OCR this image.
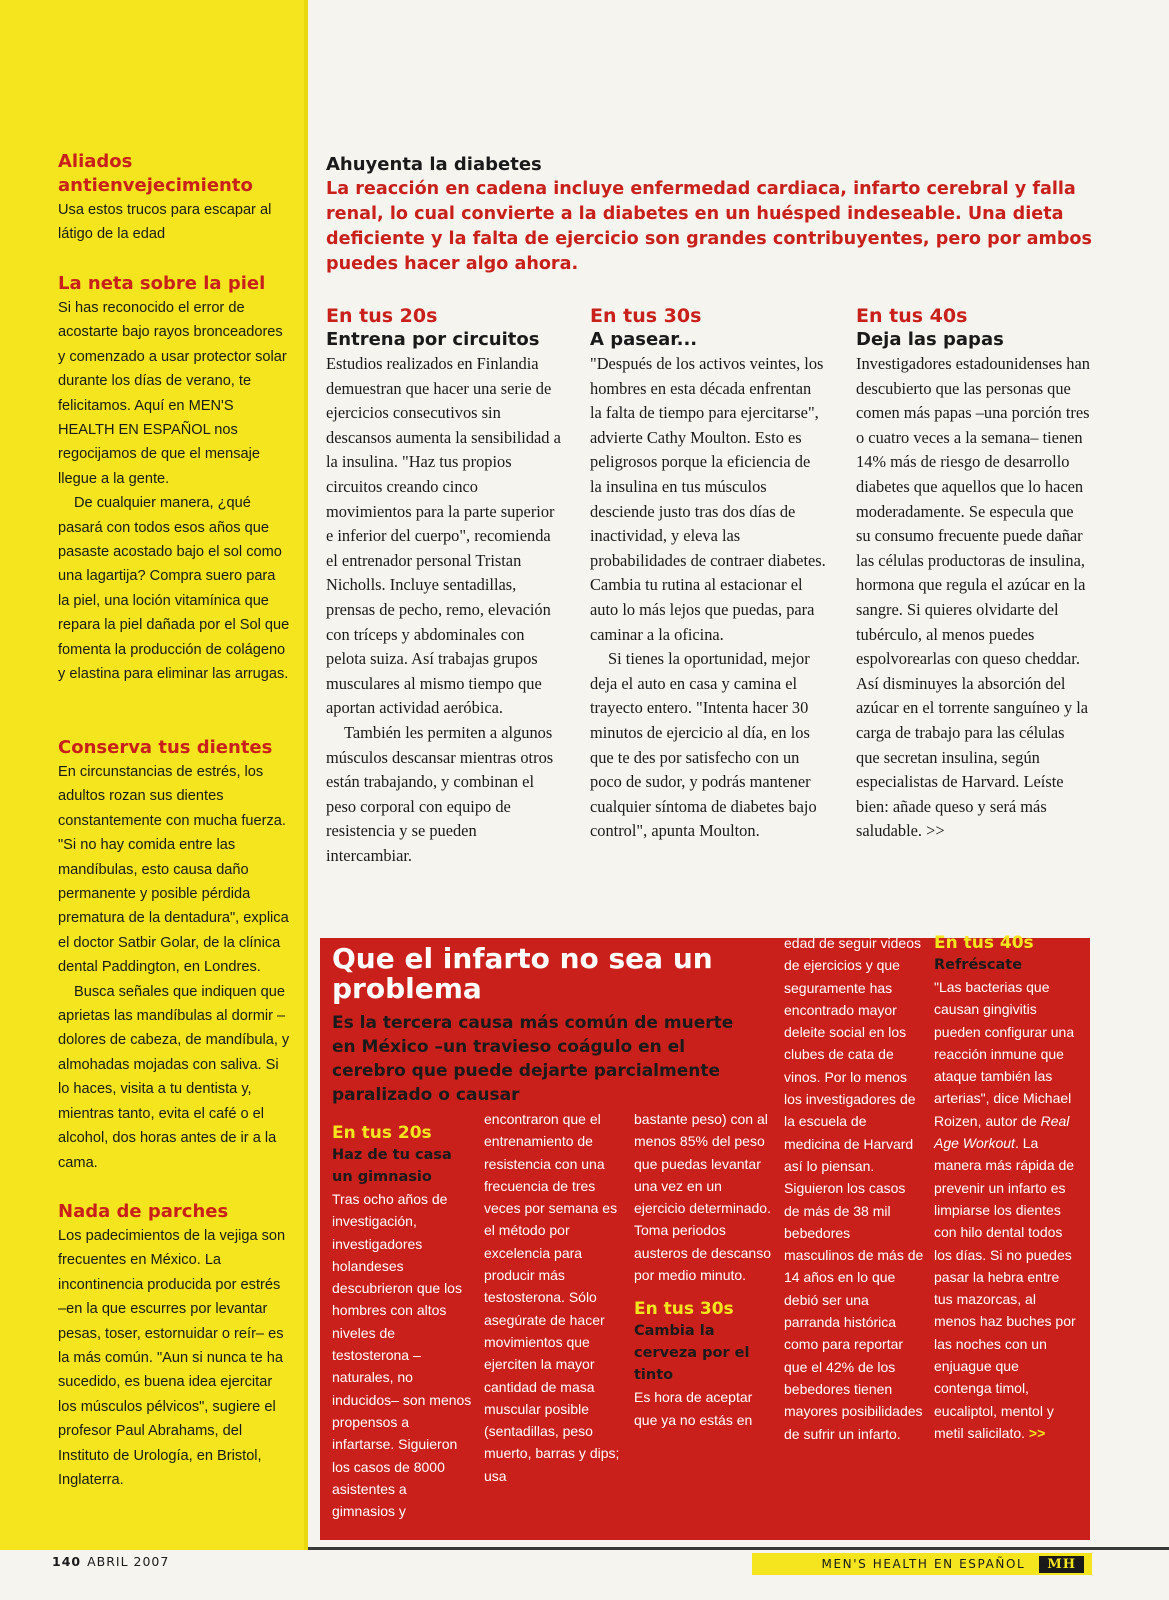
Aliados antienvejecimiento

Usa estos trucos para escapar al látigo de la edad

La neta sobre la piel

Si has reconocido el error de acostarte bajo rayos bronceadores y comenzado a usar protector solar durante los días de verano, te felicitamos. Aquí en MEN'S HEALTH EN ESPAÑOL nos regocijamos de que el mensaje llegue a la gente.

De cualquier manera, ¿qué pasará con todos esos años que pasaste acostado bajo el sol como una lagartija? Compra suero para la piel, una loción vitamínica que repara la piel dañada por el Sol que fomenta la producción de colágeno y elastina para eliminar las arrugas.

Conserva tus dientes

En circunstancias de estrés, los adultos rozan sus dientes constantemente con mucha fuerza. "Si no hay comida entre las mandíbulas, esto causa daño permanente y posible pérdida prematura de la dentadura", explica el doctor Satbir Golar, de la clínica dental Paddington, en Londres.

Busca señales que indiquen que aprietas las mandíbulas al dormir –dolores de cabeza, de mandíbula, y almohadas mojadas con saliva. Si lo haces, visita a tu dentista y, mientras tanto, evita el café o el alcohol, dos horas antes de ir a la cama.

Nada de parches

Los padecimientos de la vejiga son frecuentes en México. La incontinencia producida por estrés –en la que escurres por levantar pesas, toser, estornuidar o reír– es la más común. "Aun si nunca te ha sucedido, es buena idea ejercitar los músculos pélvicos", sugiere el profesor Paul Abrahams, del Instituto de Urología, en Bristol, Inglaterra.

Ahuyenta la diabetes

La reacción en cadena incluye enfermedad cardiaca, infarto cerebral y falla renal, lo cual convierte a la diabetes en un huésped indeseable. Una dieta deficiente y la falta de ejercicio son grandes contribuyentes, pero por ambos puedes hacer algo ahora.

En tus 20s
Entrena por circuitos

Estudios realizados en Finlandia demuestran que hacer una serie de ejercicios consecutivos sin descansos aumenta la sensibilidad a la insulina. "Haz tus propios circuitos creando cinco movimientos para la parte superior e inferior del cuerpo", recomienda el entrenador personal Tristan Nicholls. Incluye sentadillas, prensas de pecho, remo, elevación con tríceps y abdominales con pelota suiza. Así trabajas grupos musculares al mismo tiempo que aportan actividad aeróbica.

También les permiten a algunos músculos descansar mientras otros están trabajando, y combinan el peso corporal con equipo de resistencia y se pueden intercambiar.

En tus 30s
A pasear...

"Después de los activos veintes, los hombres en esta década enfrentan la falta de tiempo para ejercitarse", advierte Cathy Moulton. Esto es peligrosos porque la eficiencia de la insulina en tus músculos desciende justo tras dos días de inactividad, y eleva las probabilidades de contraer diabetes. Cambia tu rutina al estacionar el auto lo más lejos que puedas, para caminar a la oficina.

Si tienes la oportunidad, mejor deja el auto en casa y camina el trayecto entero. "Intenta hacer 30 minutos de ejercicio al día, en los que te des por satisfecho con un poco de sudor, y podrás mantener cualquier síntoma de diabetes bajo control", apunta Moulton.

En tus 40s
Deja las papas

Investigadores estadounidenses han descubierto que las personas que comen más papas –una porción tres o cuatro veces a la semana– tienen 14% más de riesgo de desarrollo diabetes que aquellos que lo hacen moderadamente. Se especula que su consumo frecuente puede dañar las células productoras de insulina, hormona que regula el azúcar en la sangre. Si quieres olvidarte del tubérculo, al menos puedes espolvorearlas con queso cheddar. Así disminuyes la absorción del azúcar en el torrente sanguíneo y la carga de trabajo para las células que secretan insulina, según especialistas de Harvard. Leíste bien: añade queso y será más saludable. >>

Que el infarto no sea un problema

Es la tercera causa más común de muerte en México –un travieso coágulo en el cerebro que puede dejarte parcialmente paralizado o causar

En tus 20s
Haz de tu casa un gimnasio

Tras ocho años de investigación, investigadores holandeses descubrieron que los hombres con altos niveles de testosterona –naturales, no inducidos– son menos propensos a infartarse. Siguieron los casos de 8000 asistentes a gimnasios y

encontraron que el entrenamiento de resistencia con una frecuencia de tres veces por semana es el método por excelencia para producir más testosterona. Sólo asegúrate de hacer movimientos que ejerciten la mayor cantidad de masa muscular posible (sentadillas, peso muerto, barras y dips; usa

bastante peso) con al menos 85% del peso que puedas levantar una vez en un ejercicio determinado. Toma periodos austeros de descanso por medio minuto.

En tus 30s
Cambia la cerveza por el tinto

Es hora de aceptar que ya no estás en

edad de seguir videos de ejercicios y que seguramente has encontrado mayor deleite social en los clubes de cata de vinos. Por lo menos los investigadores de la escuela de medicina de Harvard así lo piensan. Siguieron los casos de más de 38 mil bebedores masculinos de más de 14 años en lo que debió ser una parranda histórica como para reportar que el 42% de los bebedores tienen mayores posibilidades de sufrir un infarto.

En tus 40s
Refréscate

"Las bacterias que causan gingivitis pueden configurar una reacción inmune que ataque también las arterias", dice Michael Roizen, autor de Real Age Workout. La manera más rápida de prevenir un infarto es limpiarse los dientes con hilo dental todos los días. Si no puedes pasar la hebra entre tus mazorcas, al menos haz buches por las noches con un enjuague que contenga timol, eucaliptol, mentol y metil salicilato. >>

140 ABRIL 2007	MEN'S HEALTH EN ESPAÑOL	MH
